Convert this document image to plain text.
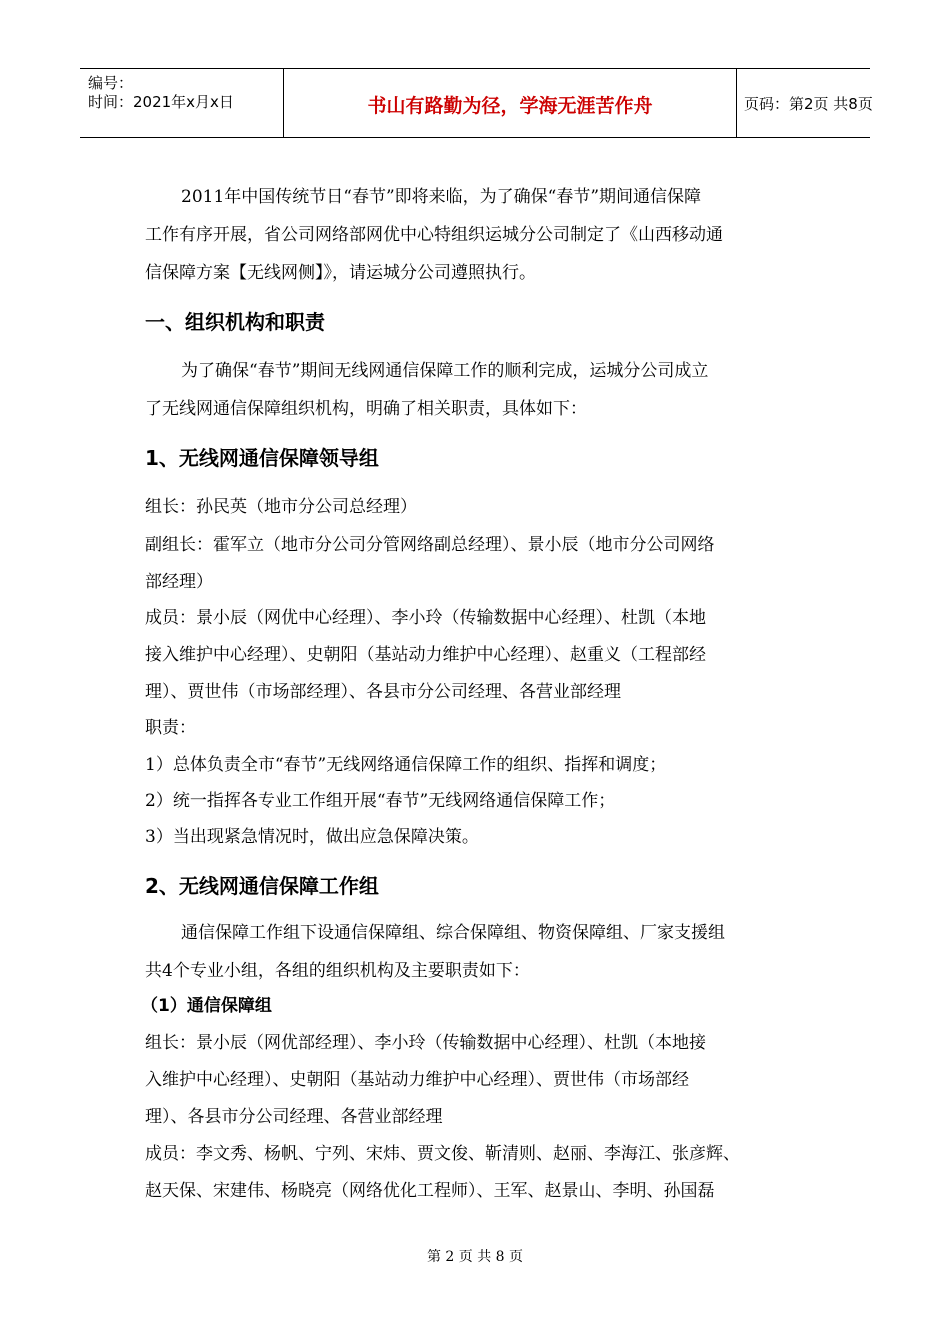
编号：
时间：2021年x月x日	书山有路勤为径，学海无涯苦作舟	页码：第2页 共8页
2011年中国传统节日“春节”即将来临，为了确保“春节”期间通信保障
工作有序开展，省公司网络部网优中心特组织运城分公司制定了《山西移动通
信保障方案【无线网侧】》，请运城分公司遵照执行。
一、组织机构和职责
为了确保“春节”期间无线网通信保障工作的顺利完成，运城分公司成立
了无线网通信保障组织机构，明确了相关职责，具体如下：
1、无线网通信保障领导组
组长：孙民英（地市分公司总经理）
副组长：霍军立（地市分公司分管网络副总经理）、景小辰（地市分公司网络
部经理）
成员：景小辰（网优中心经理）、李小玲（传输数据中心经理）、杜凯（本地
接入维护中心经理）、史朝阳（基站动力维护中心经理）、赵重义（工程部经
理）、贾世伟（市场部经理）、各县市分公司经理、各营业部经理
职责：
1）总体负责全市“春节”无线网络通信保障工作的组织、指挥和调度；
2）统一指挥各专业工作组开展“春节”无线网络通信保障工作；
3）当出现紧急情况时，做出应急保障决策。
2、无线网通信保障工作组
通信保障工作组下设通信保障组、综合保障组、物资保障组、厂家支援组
共4个专业小组，各组的组织机构及主要职责如下：
（1）通信保障组
组长：景小辰（网优部经理）、李小玲（传输数据中心经理）、杜凯（本地接
入维护中心经理）、史朝阳（基站动力维护中心经理）、贾世伟（市场部经
理）、各县市分公司经理、各营业部经理
成员：李文秀、杨帆、宁列、宋炜、贾文俊、靳清则、赵丽、李海江、张彦辉、
赵天保、宋建伟、杨晓亮（网络优化工程师）、王军、赵景山、李明、孙国磊
第 2 页 共 8 页
